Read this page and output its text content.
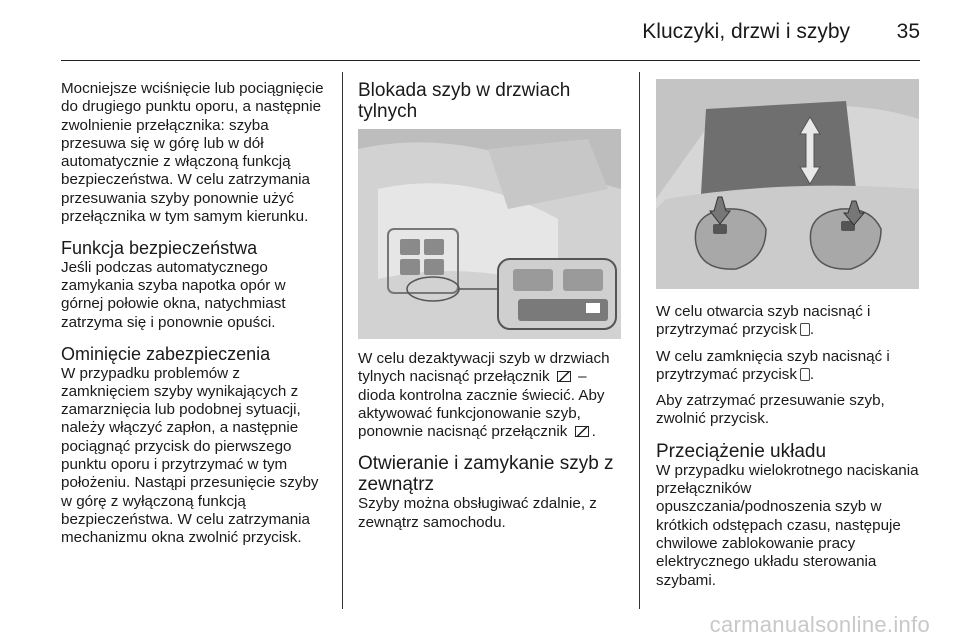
Kluczyki, drzwi i szyby	35

Mocniejsze wciśnięcie lub pociągnięcie do drugiego punktu oporu, a następnie zwolnienie przełącznika: szyba przesuwa się w górę lub w dół automatycznie z włączoną funkcją bezpieczeństwa. W celu zatrzymania przesuwania szyby ponownie użyć przełącznika w tym samym kierunku.

Funkcja bezpieczeństwa

Jeśli podczas automatycznego zamykania szyba napotka opór w górnej połowie okna, natychmiast zatrzyma się i ponownie opuści.

Ominięcie zabezpieczenia

W przypadku problemów z zamknięciem szyby wynikających z zamarznięcia lub podobnej sytuacji, należy włączyć zapłon, a następnie pociągnąć przycisk do pierwszego punktu oporu i przytrzymać w tym położeniu. Nastąpi przesunięcie szyby w górę z wyłączoną funkcją bezpieczeństwa. W celu zatrzymania mechanizmu okna zwolnić przycisk.

Blokada szyb w drzwiach tylnych

W celu dezaktywacji szyb w drzwiach tylnych nacisnąć przełącznik – dioda kontrolna zacznie świecić. Aby aktywować funkcjonowanie szyb, ponownie nacisnąć przełącznik .

Otwieranie i zamykanie szyb z zewnątrz

Szyby można obsługiwać zdalnie, z zewnątrz samochodu.

W celu otwarcia szyb nacisnąć i przytrzymać przycisk .

W celu zamknięcia szyb nacisnąć i przytrzymać przycisk .

Aby zatrzymać przesuwanie szyb, zwolnić przycisk.

Przeciążenie układu

W przypadku wielokrotnego naciskania przełączników opuszczania/podnoszenia szyb w krótkich odstępach czasu, następuje chwilowe zablokowanie pracy elektrycznego układu sterowania szybami.

carmanualsonline.info
